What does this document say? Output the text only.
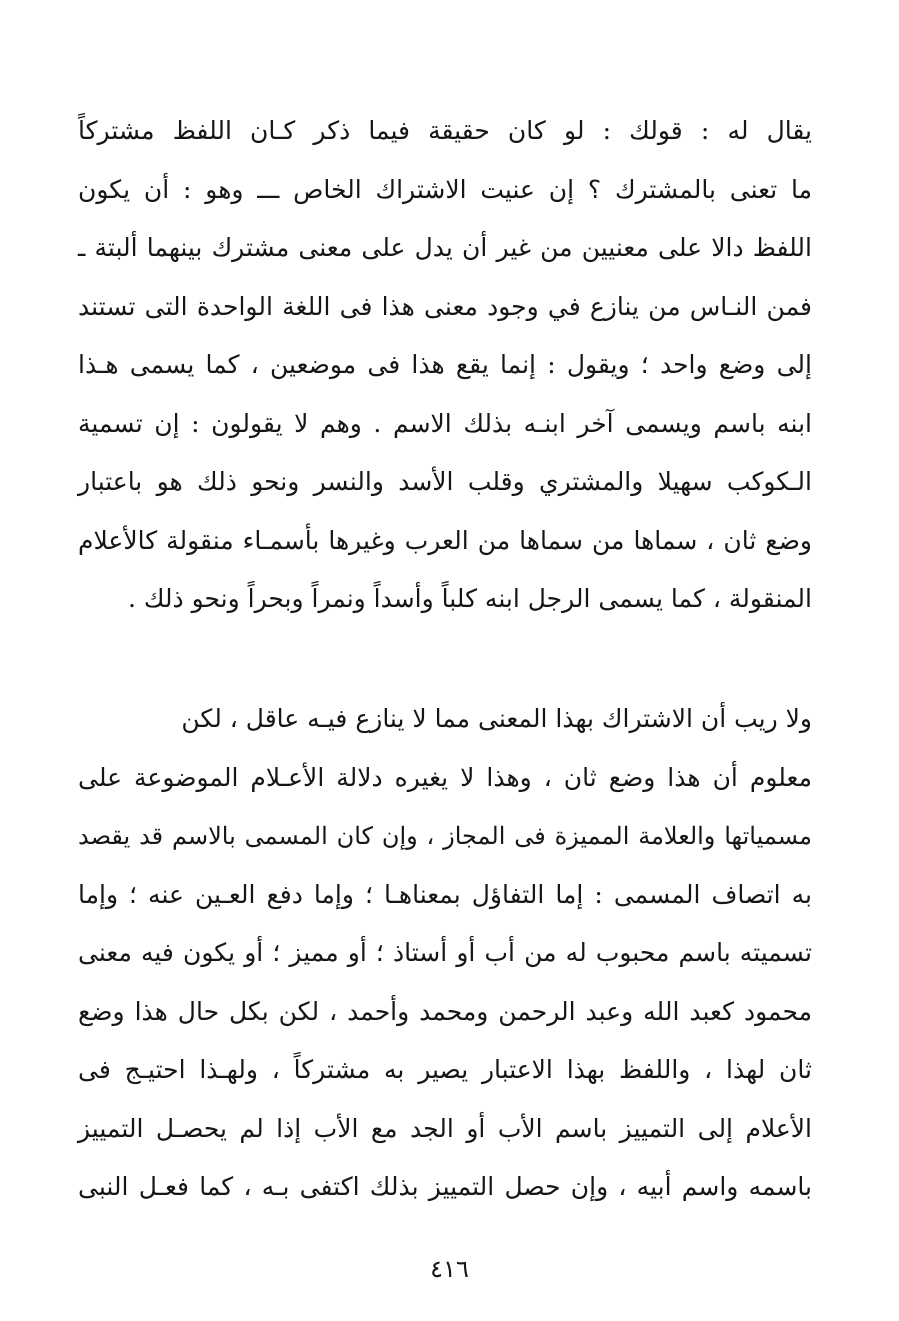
يقال له : قولك : لو كان حقيقة فيما ذكر كـان اللفظ مشتركاً
ما تعنى بالمشترك ؟ إن عنيت الاشتراك الخاص ـــ وهو : أن يكون
اللفظ دالا على معنيين من غير أن يدل على معنى مشترك بينهما ألبتة ـ
فمن النـاس من ينازع في وجود معنى هذا فى اللغة الواحدة التى تستند
إلى وضع واحد ؛ ويقول : إنما يقع هذا فى موضعين ، كما يسمى هـذا
ابنه باسم ويسمى آخر ابنـه بذلك الاسم . وهم لا يقولون : إن تسمية
الـكوكب سهيلا والمشتري وقلب الأسد والنسر ونحو ذلك هو باعتبار
وضع ثان ، سماها من سماها من العرب وغيرها بأسمـاء منقولة كالأعلام
المنقولة ، كما يسمى الرجل ابنه كلباً وأسداً ونمراً وبحراً ونحو ذلك .
ولا ريب أن الاشتراك بهذا المعنى مما لا ينازع فيـه عاقل ، لكن
معلوم أن هذا وضع ثان ، وهذا لا يغيره دلالة الأعـلام الموضوعة على
مسمياتها والعلامة المميزة فى المجاز ، وإن كان المسمى بالاسم قد يقصد
به اتصاف المسمى : إما التفاؤل بمعناهـا ؛ وإما دفع العـين عنه ؛ وإما
تسميته باسم محبوب له من أب أو أستاذ ؛ أو مميز ؛ أو يكون فيه معنى
محمود كعبد الله وعبد الرحمن ومحمد وأحمد ، لكن بكل حال هذا وضع
ثان لهذا ، واللفظ بهذا الاعتبار يصير به مشتركاً ، ولهـذا احتيـج فى
الأعلام إلى التمييز باسم الأب أو الجد مع الأب إذا لم يحصـل التمييز
باسمه واسم أبيه ، وإن حصل التمييز بذلك اكتفى بـه ، كما فعـل النبى
٤١٦
